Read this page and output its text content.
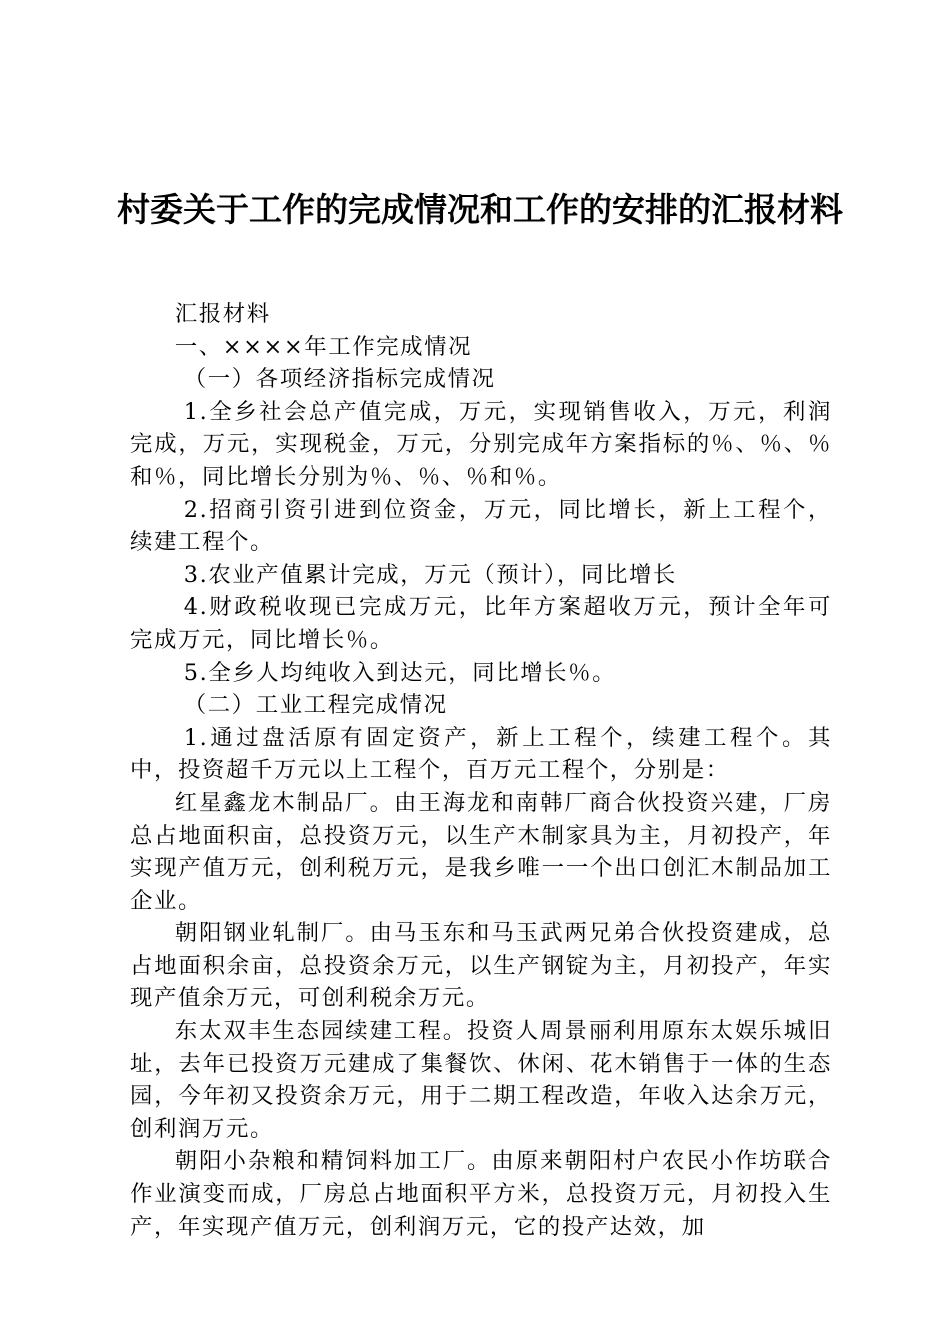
村委关于工作的完成情况和工作的安排的汇报材料

汇报材料

一、××××年工作完成情况

（一）各项经济指标完成情况

1.全乡社会总产值完成，万元，实现销售收入，万元，利润完成，万元，实现税金，万元，分别完成年方案指标的％、％、％和％，同比增长分别为％、％、％和％。

2.招商引资引进到位资金，万元，同比增长，新上工程个，续建工程个。

3.农业产值累计完成，万元（预计），同比增长

4.财政税收现已完成万元，比年方案超收万元，预计全年可完成万元，同比增长％。

5.全乡人均纯收入到达元，同比增长％。

（二）工业工程完成情况

1.通过盘活原有固定资产，新上工程个，续建工程个。其中，投资超千万元以上工程个，百万元工程个，分别是：

红星鑫龙木制品厂。由王海龙和南韩厂商合伙投资兴建，厂房总占地面积亩，总投资万元，以生产木制家具为主，月初投产，年实现产值万元，创利税万元，是我乡唯一一个出口创汇木制品加工企业。

朝阳钢业轧制厂。由马玉东和马玉武两兄弟合伙投资建成，总占地面积余亩，总投资余万元，以生产钢锭为主，月初投产，年实现产值余万元，可创利税余万元。

东太双丰生态园续建工程。投资人周景丽利用原东太娱乐城旧址，去年已投资万元建成了集餐饮、休闲、花木销售于一体的生态园，今年初又投资余万元，用于二期工程改造，年收入达余万元，创利润万元。

朝阳小杂粮和精饲料加工厂。由原来朝阳村户农民小作坊联合作业演变而成，厂房总占地面积平方米，总投资万元，月初投入生产，年实现产值万元，创利润万元，它的投产达效，加
